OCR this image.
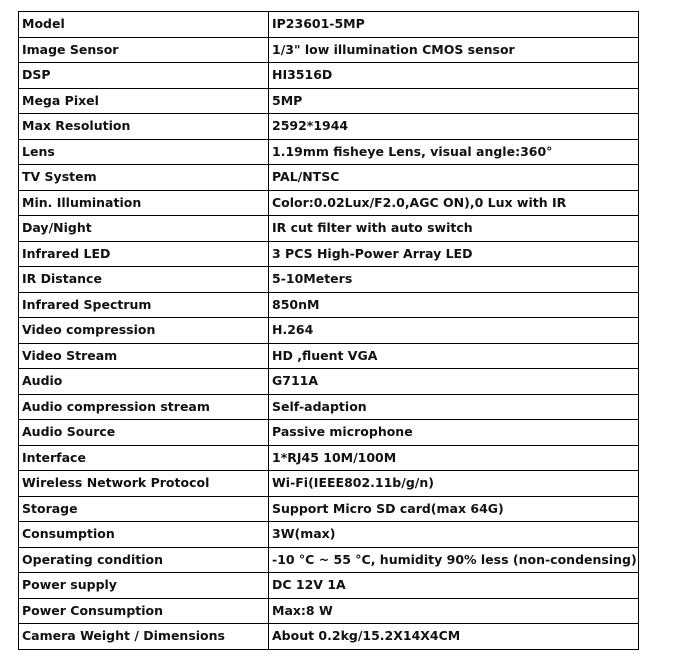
Model	IP23601-5MP
Image Sensor	1/3" low illumination CMOS sensor
DSP	HI3516D
Mega Pixel	5MP
Max Resolution	2592*1944
Lens	1.19mm fisheye Lens, visual angle:360°
TV System	PAL/NTSC
Min. Illumination	Color:0.02Lux/F2.0,AGC ON),0 Lux with IR
Day/Night	IR cut filter with auto switch
Infrared LED	3 PCS High-Power Array LED
IR Distance	5-10Meters
Infrared Spectrum	850nM
Video compression	H.264
Video Stream	HD ,fluent VGA
Audio	G711A
Audio compression stream	Self-adaption
Audio Source	Passive microphone
Interface	1*RJ45 10M/100M
Wireless Network Protocol	Wi-Fi(IEEE802.11b/g/n)
Storage	Support Micro SD card(max 64G)
Consumption	3W(max)
Operating condition	-10 °C ~ 55 °C, humidity 90% less (non-condensing)
Power supply	DC 12V 1A
Power Consumption	Max:8 W
Camera Weight / Dimensions	About 0.2kg/15.2X14X4CM
